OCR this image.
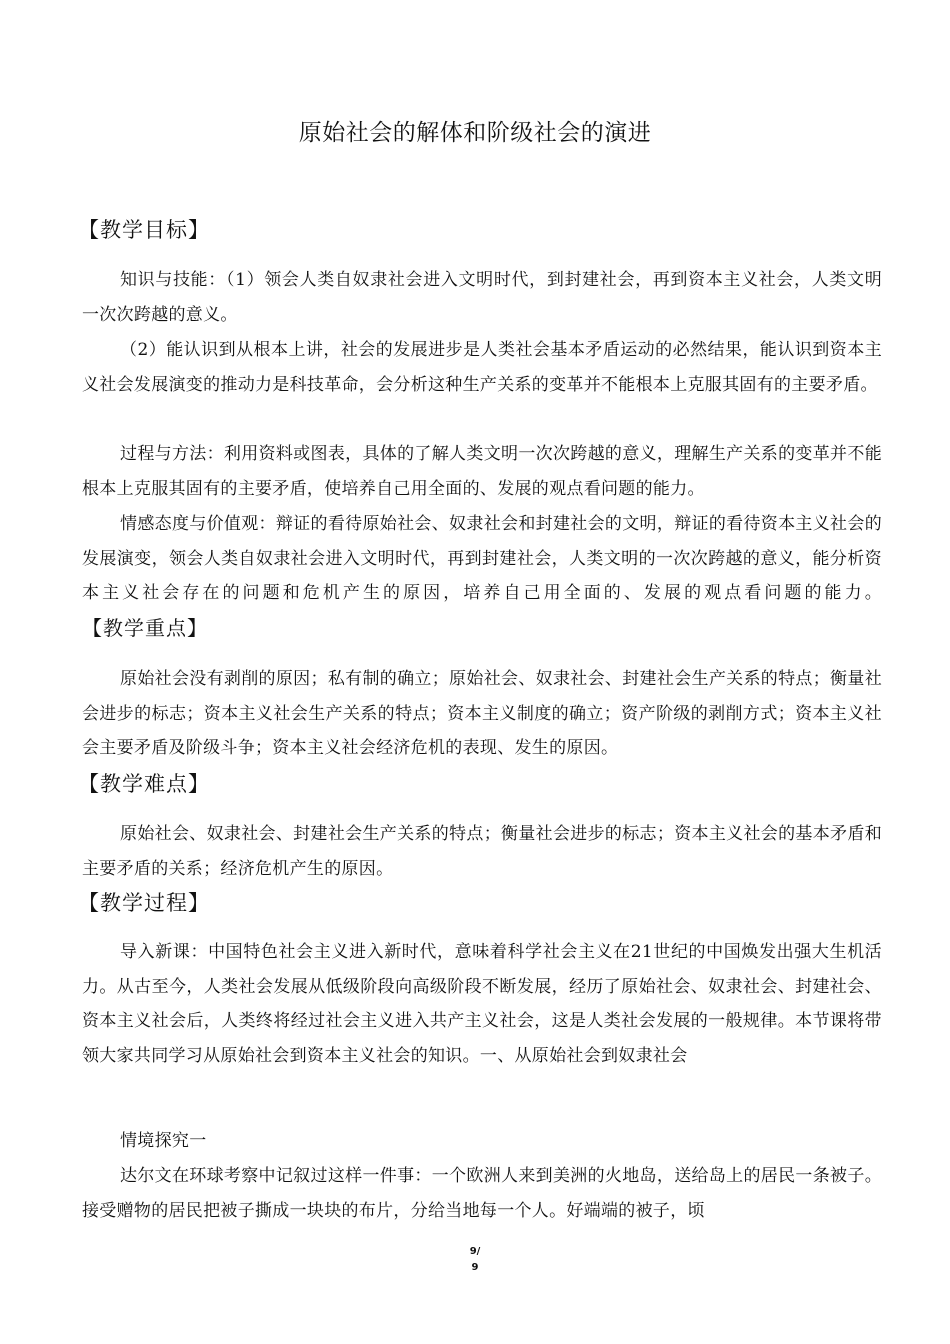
原始社会的解体和阶级社会的演进
【教学目标】
知识与技能：（1）领会人类自奴隶社会进入文明时代，到封建社会，再到资本主义社会，人类文明一次次跨越的意义。
（2）能认识到从根本上讲，社会的发展进步是人类社会基本矛盾运动的必然结果，能认识到资本主义社会发展演变的推动力是科技革命，会分析这种生产关系的变革并不能根本上克服其固有的主要矛盾。
过程与方法：利用资料或图表，具体的了解人类文明一次次跨越的意义，理解生产关系的变革并不能根本上克服其固有的主要矛盾，使培养自己用全面的、发展的观点看问题的能力。
情感态度与价值观：辩证的看待原始社会、奴隶社会和封建社会的文明，辩证的看待资本主义社会的发展演变，领会人类自奴隶社会进入文明时代，再到封建社会，人类文明的一次次跨越的意义，能分析资本主义社会存在的问题和危机产生的原因，培养自己用全面的、发展的观点看问题的能力。【教学重点】
原始社会没有剥削的原因；私有制的确立；原始社会、奴隶社会、封建社会生产关系的特点；衡量社会进步的标志；资本主义社会生产关系的特点；资本主义制度的确立；资产阶级的剥削方式；资本主义社会主要矛盾及阶级斗争；资本主义社会经济危机的表现、发生的原因。
【教学难点】
原始社会、奴隶社会、封建社会生产关系的特点；衡量社会进步的标志；资本主义社会的基本矛盾和主要矛盾的关系；经济危机产生的原因。
【教学过程】
导入新课：中国特色社会主义进入新时代，意味着科学社会主义在21世纪的中国焕发出强大生机活力。从古至今，人类社会发展从低级阶段向高级阶段不断发展，经历了原始社会、奴隶社会、封建社会、资本主义社会后，人类终将经过社会主义进入共产主义社会，这是人类社会发展的一般规律。本节课将带领大家共同学习从原始社会到资本主义社会的知识。一、从原始社会到奴隶社会
情境探究一
达尔文在环球考察中记叙过这样一件事：一个欧洲人来到美洲的火地岛，送给岛上的居民一条被子。接受赠物的居民把被子撕成一块块的布片，分给当地每一个人。好端端的被子，顷
9/
9
